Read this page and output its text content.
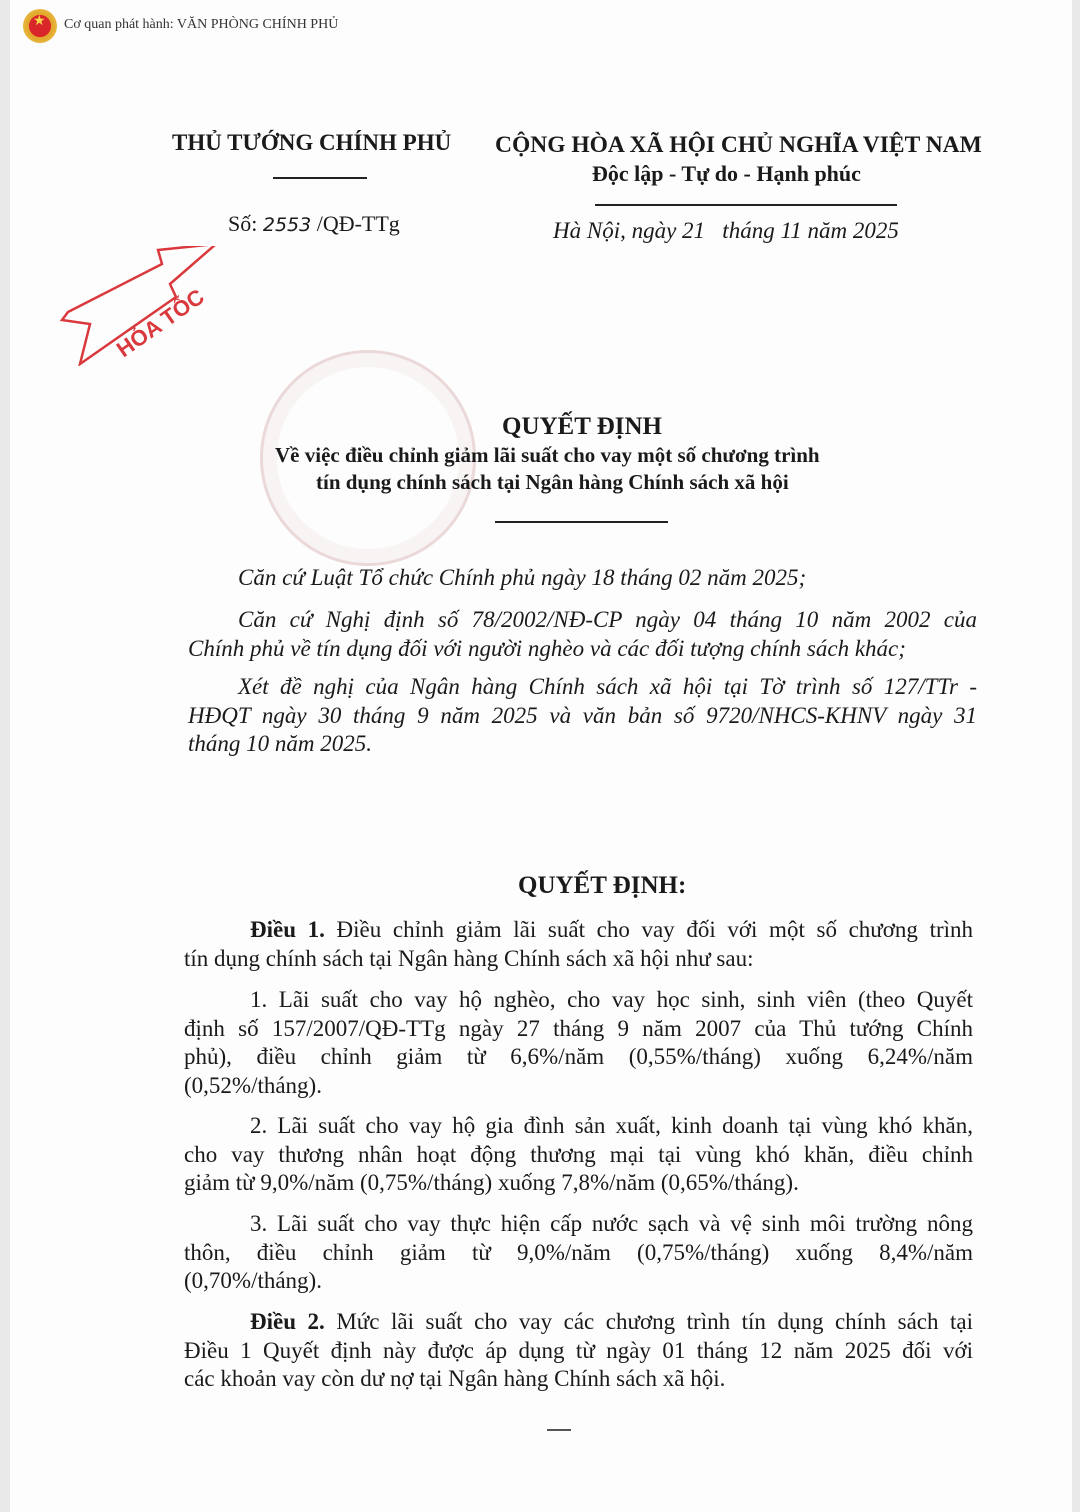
★
Cơ quan phát hành: VĂN PHÒNG CHÍNH PHỦ
THỦ TƯỚNG CHÍNH PHỦ CỘNG HÒA XÃ HỘI CHỦ NGHĨA VIỆT NAM
Độc lập - Tự do - Hạnh phúc
Số: 2553 /QĐ-TTg	Hà Nội, ngày 21   tháng 11 năm 2025
HỎA TỐC
QUYẾT ĐỊNH
Về việc điều chỉnh giảm lãi suất cho vay một số chương trình
tín dụng chính sách tại Ngân hàng Chính sách xã hội
Căn cứ Luật Tổ chức Chính phủ ngày 18 tháng 02 năm 2025;
Căn cứ Nghị định số 78/2002/NĐ-CP ngày 04 tháng 10 năm 2002 của
Chính phủ về tín dụng đối với người nghèo và các đối tượng chính sách khác;
Xét đề nghị của Ngân hàng Chính sách xã hội tại Tờ trình số 127/TTr -
HĐQT ngày 30 tháng 9 năm 2025 và văn bản số 9720/NHCS-KHNV ngày 31
tháng 10 năm 2025.
QUYẾT ĐỊNH:
Điều 1. Điều chỉnh giảm lãi suất cho vay đối với một số chương trình
tín dụng chính sách tại Ngân hàng Chính sách xã hội như sau:
1. Lãi suất cho vay hộ nghèo, cho vay học sinh, sinh viên (theo Quyết
định số 157/2007/QĐ-TTg ngày 27 tháng 9 năm 2007 của Thủ tướng Chính
phủ), điều chỉnh giảm từ 6,6%/năm (0,55%/tháng) xuống 6,24%/năm
(0,52%/tháng).
2. Lãi suất cho vay hộ gia đình sản xuất, kinh doanh tại vùng khó khăn,
cho vay thương nhân hoạt động thương mại tại vùng khó khăn, điều chỉnh
giảm từ 9,0%/năm (0,75%/tháng) xuống 7,8%/năm (0,65%/tháng).
3. Lãi suất cho vay thực hiện cấp nước sạch và vệ sinh môi trường nông
thôn, điều chỉnh giảm từ 9,0%/năm (0,75%/tháng) xuống 8,4%/năm
(0,70%/tháng).
Điều 2. Mức lãi suất cho vay các chương trình tín dụng chính sách tại
Điều 1 Quyết định này được áp dụng từ ngày 01 tháng 12 năm 2025 đối với
các khoản vay còn dư nợ tại Ngân hàng Chính sách xã hội.
